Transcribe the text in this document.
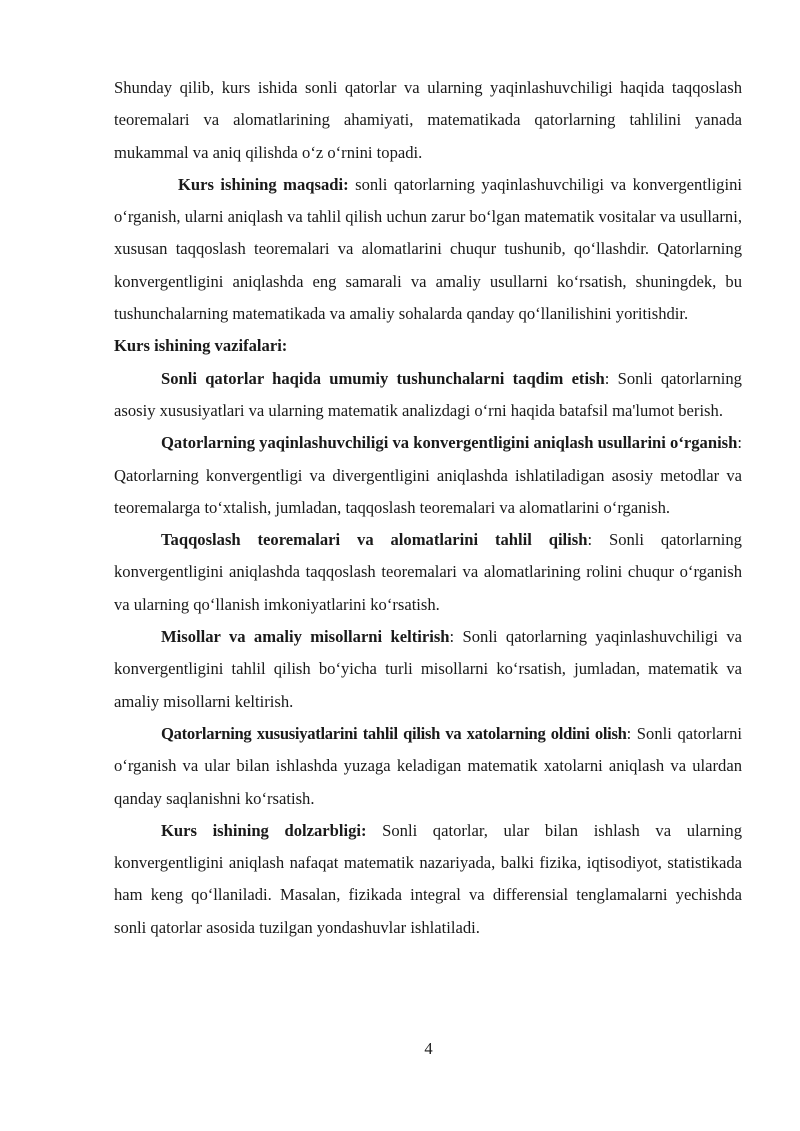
Shunday qilib, kurs ishida sonli qatorlar va ularning yaqinlashuvchiligi haqida taqqoslash teoremalari va alomatlarining ahamiyati, matematikada qatorlarning tahlilini yanada mukammal va aniq qilishda o‘z o‘rnini topadi.

Kurs ishining maqsadi: sonli qatorlarning yaqinlashuvchiligi va konvergentligini o‘rganish, ularni aniqlash va tahlil qilish uchun zarur bo‘lgan matematik vositalar va usullarni, xususan taqqoslash teoremalari va alomatlarini chuqur tushunib, qo‘llashdir. Qatorlarning konvergentligini aniqlashda eng samarali va amaliy usullarni ko‘rsatish, shuningdek, bu tushunchalarning matematikada va amaliy sohalarda qanday qo‘llanilishini yoritishdir.

Kurs ishining vazifalari:

Sonli qatorlar haqida umumiy tushunchalarni taqdim etish: Sonli qatorlarning asosiy xususiyatlari va ularning matematik analizdagi o‘rni haqida batafsil ma'lumot berish.

Qatorlarning yaqinlashuvchiligi va konvergentligini aniqlash usullarini o‘rganish: Qatorlarning konvergentligi va divergentligini aniqlashda ishlatiladigan asosiy metodlar va teoremalarga to‘xtalish, jumladan, taqqoslash teoremalari va alomatlarini o‘rganish.

Taqqoslash teoremalari va alomatlarini tahlil qilish: Sonli qatorlarning konvergentligini aniqlashda taqqoslash teoremalari va alomatlarining rolini chuqur o‘rganish va ularning qo‘llanish imkoniyatlarini ko‘rsatish.

Misollar va amaliy misollarni keltirish: Sonli qatorlarning yaqinlashuvchiligi va konvergentligini tahlil qilish bo‘yicha turli misollarni ko‘rsatish, jumladan, matematik va amaliy misollarni keltirish.

Qatorlarning xususiyatlarini tahlil qilish va xatolarning oldini olish: Sonli qatorlarni o‘rganish va ular bilan ishlashda yuzaga keladigan matematik xatolarni aniqlash va ulardan qanday saqlanishni ko‘rsatish.

Kurs ishining dolzarbligi: Sonli qatorlar, ular bilan ishlash va ularning konvergentligini aniqlash nafaqat matematik nazariyada, balki fizika, iqtisodiyot, statistikada ham keng qo‘llaniladi. Masalan, fizikada integral va differensial tenglamalarni yechishda sonli qatorlar asosida tuzilgan yondashuvlar ishlatiladi.

4
